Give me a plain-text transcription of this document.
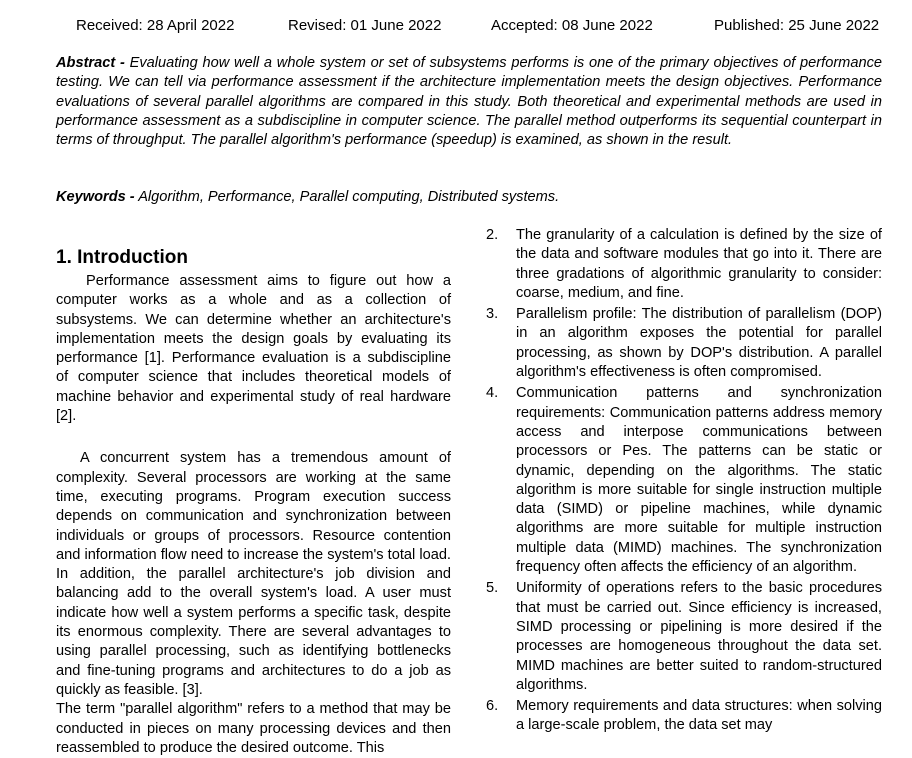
Received: 28 April 2022	Revised: 01 June 2022	Accepted: 08 June 2022	Published: 25 June 2022

Abstract - Evaluating how well a whole system or set of subsystems performs is one of the primary objectives of performance testing. We can tell via performance assessment if the architecture implementation meets the design objectives. Performance evaluations of several parallel algorithms are compared in this study. Both theoretical and experimental methods are used in performance assessment as a subdiscipline in computer science. The parallel method outperforms its sequential counterpart in terms of throughput. The parallel algorithm's performance (speedup) is examined, as shown in the result.

Keywords - Algorithm, Performance, Parallel computing, Distributed systems.

1. Introduction

Performance assessment aims to figure out how a computer works as a whole and as a collection of subsystems. We can determine whether an architecture's implementation meets the design goals by evaluating its performance [1]. Performance evaluation is a subdiscipline of computer science that includes theoretical models of machine behavior and experimental study of real hardware [2].

A concurrent system has a tremendous amount of complexity. Several processors are working at the same time, executing programs. Program execution success depends on communication and synchronization between individuals or groups of processors. Resource contention and information flow need to increase the system's total load. In addition, the parallel architecture's job division and balancing add to the overall system's load. A user must indicate how well a system performs a specific task, despite its enormous complexity. There are several advantages to using parallel processing, such as identifying bottlenecks and fine-tuning programs and architectures to do a job as quickly as feasible. [3].

The term "parallel algorithm" refers to a method that may be conducted in pieces on many processing devices and then reassembled to produce the desired outcome. This

2. The granularity of a calculation is defined by the size of the data and software modules that go into it. There are three gradations of algorithmic granularity to consider: coarse, medium, and fine.
3. Parallelism profile: The distribution of parallelism (DOP) in an algorithm exposes the potential for parallel processing, as shown by DOP's distribution. A parallel algorithm's effectiveness is often compromised.
4. Communication patterns and synchronization requirements: Communication patterns address memory access and interpose communications between processors or Pes. The patterns can be static or dynamic, depending on the algorithms. The static algorithm is more suitable for single instruction multiple data (SIMD) or pipeline machines, while dynamic algorithms are more suitable for multiple instruction multiple data (MIMD) machines. The synchronization frequency often affects the efficiency of an algorithm.
5. Uniformity of operations refers to the basic procedures that must be carried out. Since efficiency is increased, SIMD processing or pipelining is more desired if the processes are homogeneous throughout the data set. MIMD machines are better suited to random-structured algorithms.
6. Memory requirements and data structures: when solving a large-scale problem, the data set may
